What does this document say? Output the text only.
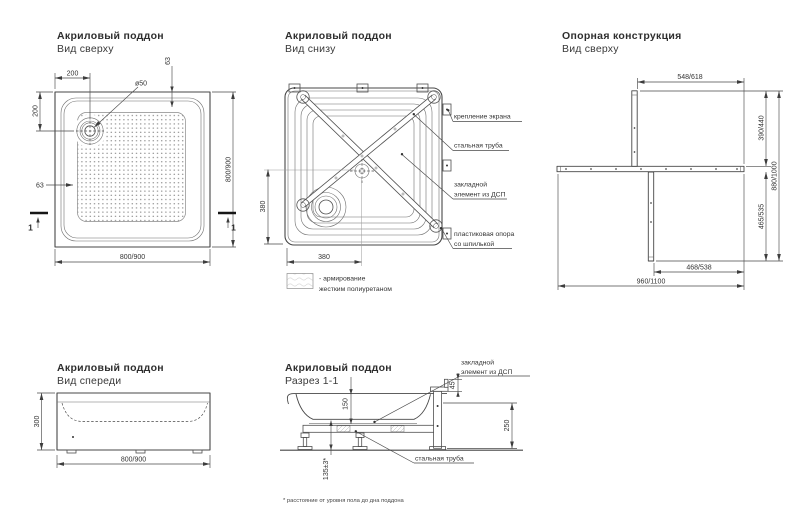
Акриловый поддон
Вид сверху
200
200
ø50
63
63
800/900
800/900
1	1
Акриловый поддон
Вид снизу
380
380
крепление экрана
стальная труба
закладной
элемент из ДСП
пластиковая опора
со шпилькой
- армирование
жестким полиуретаном
Опорная конструкция
Вид сверху
548/618
390/440
465/535
880/1000
468/538
960/1100
Акриловый поддон
Вид спереди
300
800/900
Акриловый поддон
Разрез 1-1
закладной
элемент из ДСП
стальная труба
150
45
250
135±3*
* расстояние от уровня пола до дна поддона
